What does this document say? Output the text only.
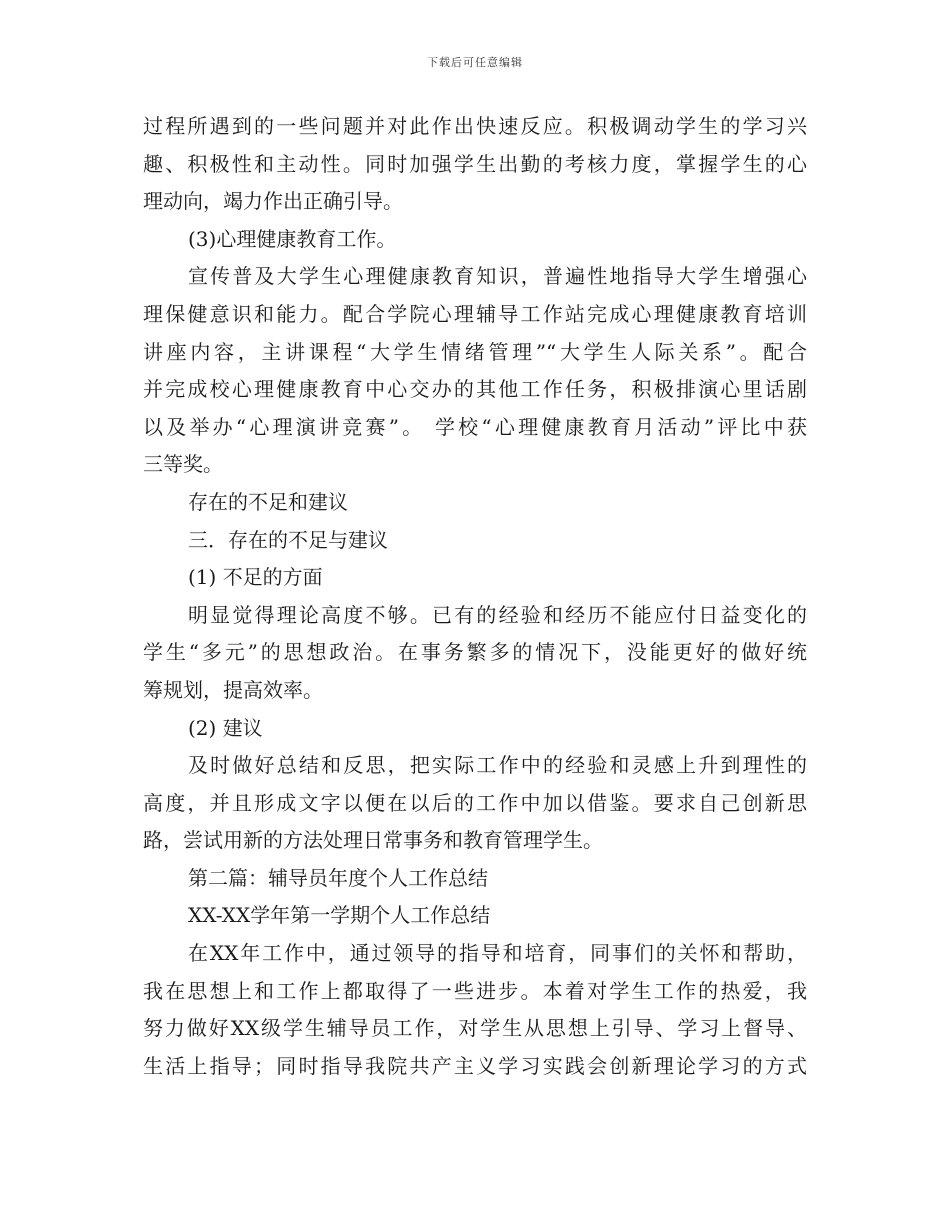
下载后可任意编辑
过程所遇到的一些问题并对此作出快速反应。积极调动学生的学习兴
趣、积极性和主动性。同时加强学生出勤的考核力度，掌握学生的心
理动向，竭力作出正确引导。
(3)心理健康教育工作。
宣传普及大学生心理健康教育知识，普遍性地指导大学生增强心
理保健意识和能力。配合学院心理辅导工作站完成心理健康教育培训
讲座内容，主讲课程“大学生情绪管理”“大学生人际关系”。配合
并完成校心理健康教育中心交办的其他工作任务，积极排演心里话剧
以及举办“心理演讲竞赛”。 学校“心理健康教育月活动”评比中获
三等奖。
存在的不足和建议
三．存在的不足与建议
(1) 不足的方面
明显觉得理论高度不够。已有的经验和经历不能应付日益变化的
学生“多元”的思想政治。在事务繁多的情况下，没能更好的做好统
筹规划，提高效率。
(2) 建议
及时做好总结和反思，把实际工作中的经验和灵感上升到理性的
高度，并且形成文字以便在以后的工作中加以借鉴。要求自己创新思
路，尝试用新的方法处理日常事务和教育管理学生。
第二篇：辅导员年度个人工作总结
XX-XX学年第一学期个人工作总结
在XX年工作中，通过领导的指导和培育，同事们的关怀和帮助，
我在思想上和工作上都取得了一些进步。本着对学生工作的热爱，我
努力做好XX级学生辅导员工作，对学生从思想上引导、学习上督导、
生活上指导；同时指导我院共产主义学习实践会创新理论学习的方式
